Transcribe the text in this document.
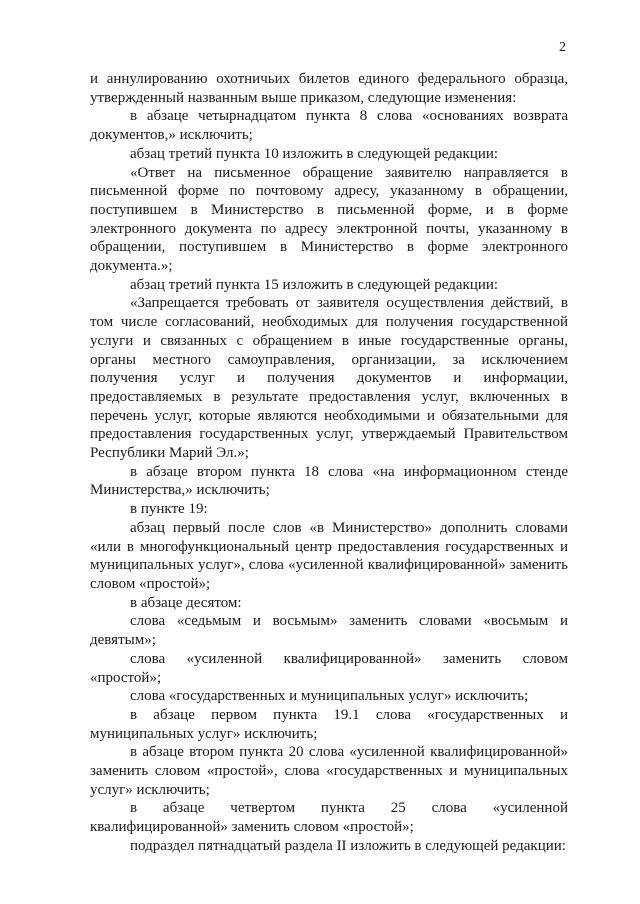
2

и аннулированию охотничьих билетов единого федерального образца, утвержденный названным выше приказом, следующие изменения:

в абзаце четырнадцатом пункта 8 слова «основаниях возврата документов,» исключить;

абзац третий пункта 10 изложить в следующей редакции:

«Ответ на письменное обращение заявителю направляется в письменной форме по почтовому адресу, указанному в обращении, поступившем в Министерство в письменной форме, и в форме электронного документа по адресу электронной почты, указанному в обращении, поступившем в Министерство в форме электронного документа.»;

абзац третий пункта 15 изложить в следующей редакции:

«Запрещается требовать от заявителя осуществления действий, в том числе согласований, необходимых для получения государственной услуги и связанных с обращением в иные государственные органы, органы местного самоуправления, организации, за исключением получения услуг и получения документов и информации, предоставляемых в результате предоставления услуг, включенных в перечень услуг, которые являются необходимыми и обязательными для предоставления государственных услуг, утверждаемый Правительством Республики Марий Эл.»;

в абзаце втором пункта 18 слова «на информационном стенде Министерства,» исключить;

в пункте 19:

абзац первый после слов «в Министерство» дополнить словами «или в многофункциональный центр предоставления государственных и муниципальных услуг», слова «усиленной квалифицированной» заменить словом «простой»;

в абзаце десятом:

слова «седьмым и восьмым» заменить словами «восьмым и девятым»;

слова «усиленной квалифицированной» заменить словом «простой»;

слова «государственных и муниципальных услуг» исключить;

в абзаце первом пункта 19.1 слова «государственных и муниципальных услуг» исключить;

в абзаце втором пункта 20 слова «усиленной квалифицированной» заменить словом «простой», слова «государственных и муниципальных услуг» исключить;

в абзаце четвертом пункта 25 слова «усиленной квалифицированной» заменить словом «простой»;

подраздел пятнадцатый раздела II изложить в следующей редакции:
